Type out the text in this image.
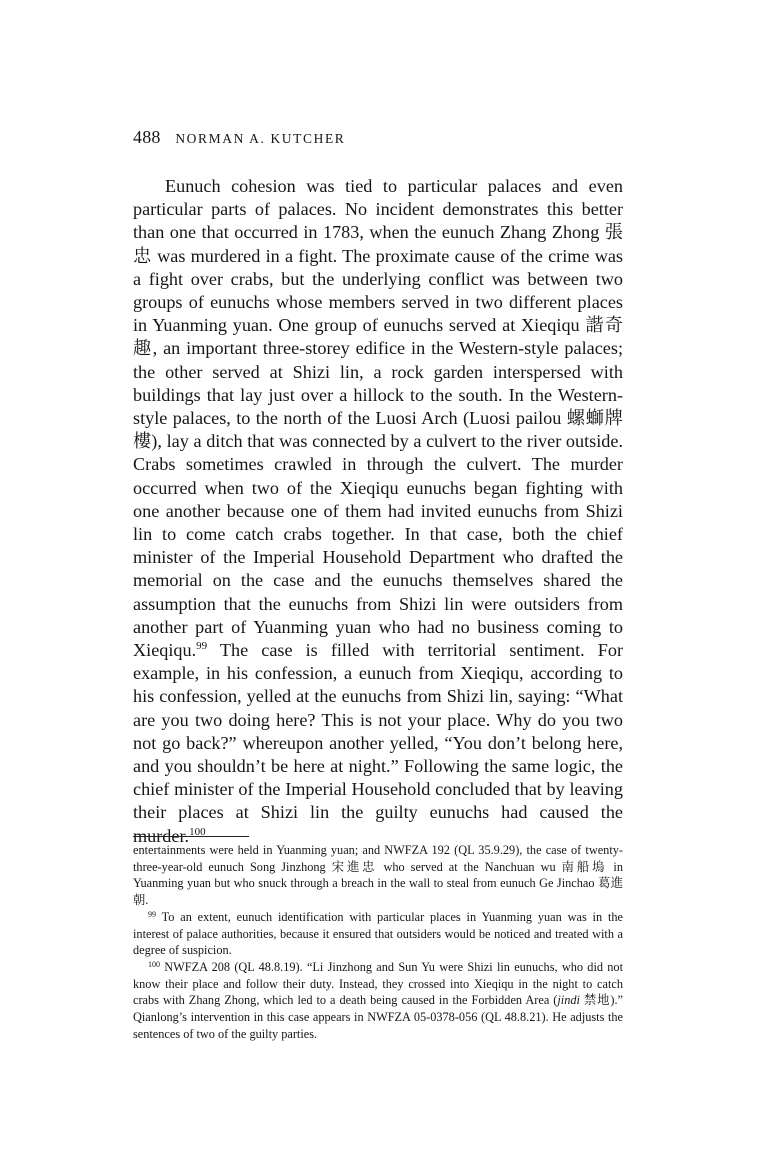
488 NORMAN A. KUTCHER

Eunuch cohesion was tied to particular palaces and even particular parts of palaces. No incident demonstrates this better than one that occurred in 1783, when the eunuch Zhang Zhong 張忠 was murdered in a fight. The proximate cause of the crime was a fight over crabs, but the underlying conflict was between two groups of eunuchs whose members served in two different places in Yuanming yuan. One group of eunuchs served at Xieqiqu 諧奇趣, an important three-storey edifice in the Western-style palaces; the other served at Shizi lin, a rock garden interspersed with buildings that lay just over a hillock to the south. In the Western-style palaces, to the north of the Luosi Arch (Luosi pailou 螺螄牌樓), lay a ditch that was connected by a culvert to the river outside. Crabs sometimes crawled in through the culvert. The murder occurred when two of the Xieqiqu eunuchs began fighting with one another because one of them had invited eunuchs from Shizi lin to come catch crabs together. In that case, both the chief minister of the Imperial Household Department who drafted the memorial on the case and the eunuchs themselves shared the assumption that the eunuchs from Shizi lin were outsiders from another part of Yuanming yuan who had no business coming to Xieqiqu.$^{99}$ The case is filled with territorial sentiment. For example, in his confession, a eunuch from Xieqiqu, according to his confession, yelled at the eunuchs from Shizi lin, saying: “What are you two doing here? This is not your place. Why do you two not go back?” whereupon another yelled, “You don’t belong here, and you shouldn’t be here at night.” Following the same logic, the chief minister of the Imperial Household concluded that by leaving their places at Shizi lin the guilty eunuchs had caused the murder.$^{100}$

entertainments were held in Yuanming yuan; and NWFZA 192 (QL 35.9.29), the case of twenty-three-year-old eunuch Song Jinzhong 宋進忠 who served at the Nanchuan wu 南船塢 in Yuanming yuan but who snuck through a breach in the wall to steal from eunuch Ge Jinchao 葛進朝.

$^{99}$ To an extent, eunuch identification with particular places in Yuanming yuan was in the interest of palace authorities, because it ensured that outsiders would be noticed and treated with a degree of suspicion.

$^{100}$ NWFZA 208 (QL 48.8.19). “Li Jinzhong and Sun Yu were Shizi lin eunuchs, who did not know their place and follow their duty. Instead, they crossed into Xieqiqu in the night to catch crabs with Zhang Zhong, which led to a death being caused in the Forbidden Area (jindi 禁地).” Qianlong’s intervention in this case appears in NWFZA 05-0378-056 (QL 48.8.21). He adjusts the sentences of two of the guilty parties.
